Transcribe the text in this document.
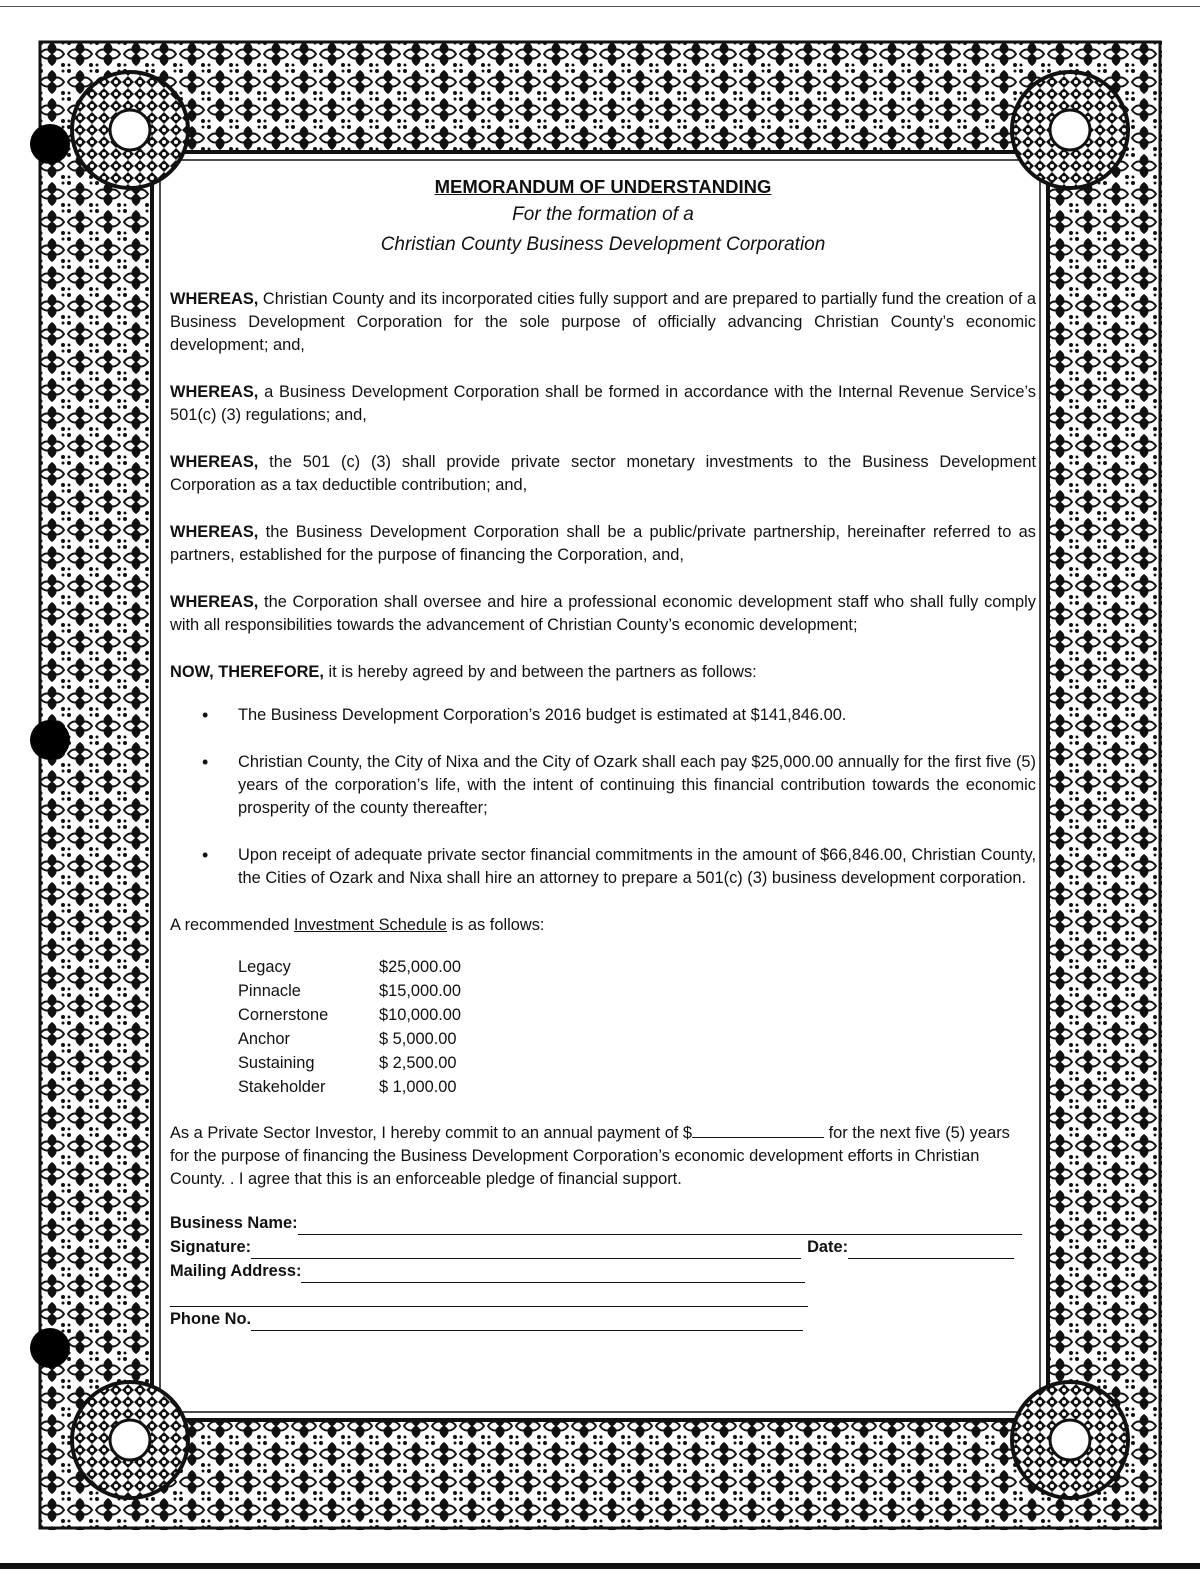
MEMORANDUM OF UNDERSTANDING

For the formation of a

Christian County Business Development Corporation

WHEREAS, Christian County and its incorporated cities fully support and are prepared to partially fund the creation of a Business Development Corporation for the sole purpose of officially advancing Christian County’s economic development; and,

WHEREAS, a Business Development Corporation shall be formed in accordance with the Internal Revenue Service’s 501(c) (3) regulations; and,

WHEREAS, the 501 (c) (3) shall provide private sector monetary investments to the Business Development Corporation as a tax deductible contribution; and,

WHEREAS, the Business Development Corporation shall be a public/private partnership, hereinafter referred to as partners, established for the purpose of financing the Corporation, and,

WHEREAS, the Corporation shall oversee and hire a professional economic development staff who shall fully comply with all responsibilities towards the advancement of Christian County’s economic development;

NOW, THEREFORE, it is hereby agreed by and between the partners as follows:

• The Business Development Corporation’s 2016 budget is estimated at $141,846.00.
• Christian County, the City of Nixa and the City of Ozark shall each pay $25,000.00 annually for the first five (5) years of the corporation’s life, with the intent of continuing this financial contribution towards the economic prosperity of the county thereafter;
• Upon receipt of adequate private sector financial commitments in the amount of $66,846.00, Christian County, the Cities of Ozark and Nixa shall hire an attorney to prepare a 501(c) (3) business development corporation.
A recommended Investment Schedule is as follows:
Legacy	$25,000.00
Pinnacle	$15,000.00
Cornerstone	$10,000.00
Anchor	$ 5,000.00
Sustaining	$ 2,500.00
Stakeholder	$ 1,000.00
As a Private Sector Investor, I hereby commit to an annual payment of $	for the next five (5) years for the purpose of financing the Business Development Corporation’s economic development efforts in Christian County. . I agree that this is an enforceable pledge of financial support.
Business Name:
Signature:	Date:
Mailing Address:
Phone No.
